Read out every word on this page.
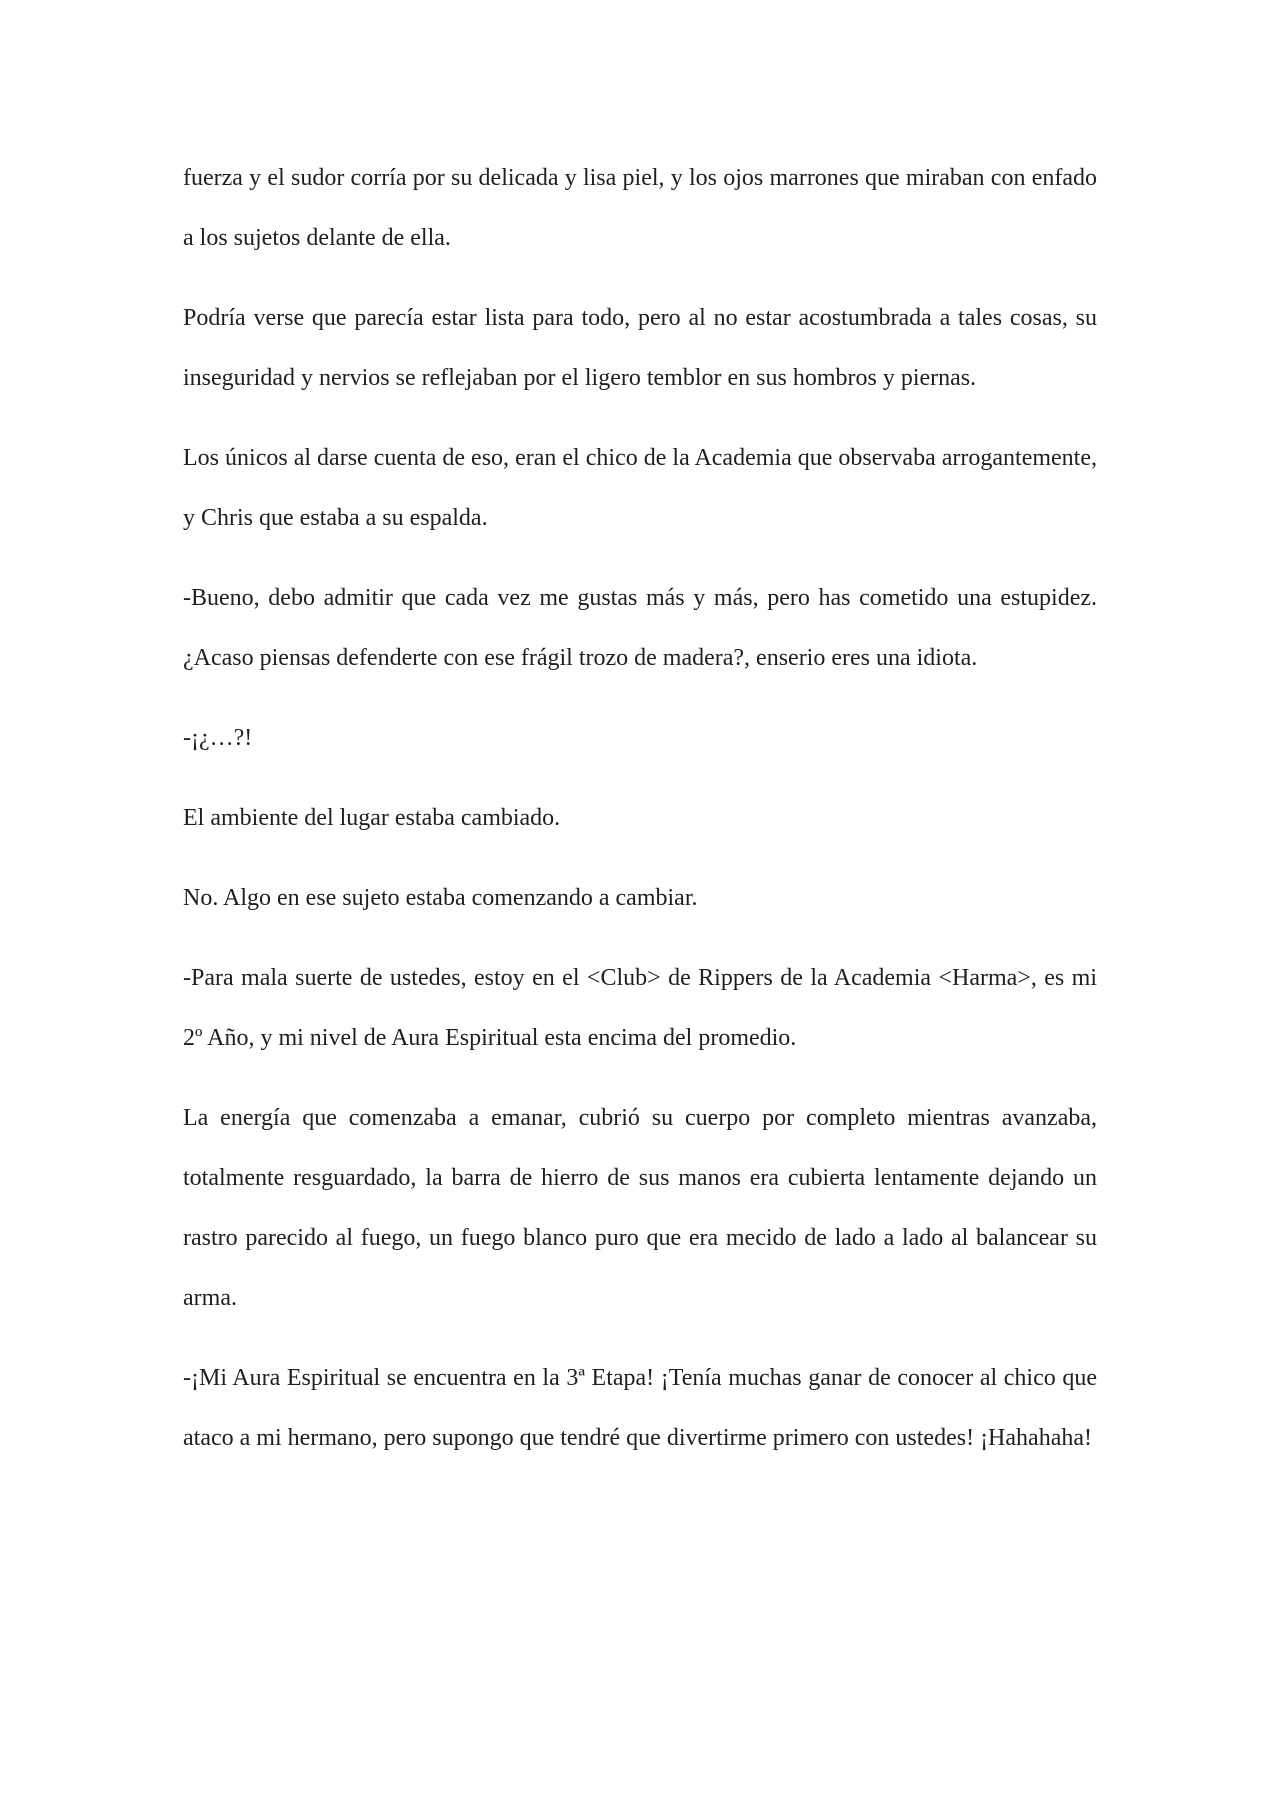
fuerza y el sudor corría por su delicada y lisa piel, y los ojos marrones que miraban con enfado a los sujetos delante de ella.

Podría verse que parecía estar lista para todo, pero al no estar acostumbrada a tales cosas, su inseguridad y nervios se reflejaban por el ligero temblor en sus hombros y piernas.

Los únicos al darse cuenta de eso, eran el chico de la Academia que observaba arrogantemente, y Chris que estaba a su espalda.

-Bueno, debo admitir que cada vez me gustas más y más, pero has cometido una estupidez. ¿Acaso piensas defenderte con ese frágil trozo de madera?, enserio eres una idiota.

-¡¿…?!

El ambiente del lugar estaba cambiado.

No. Algo en ese sujeto estaba comenzando a cambiar.

-Para mala suerte de ustedes, estoy en el <Club> de Rippers de la Academia <Harma>, es mi 2º Año, y mi nivel de Aura Espiritual esta encima del promedio.

La energía que comenzaba a emanar, cubrió su cuerpo por completo mientras avanzaba, totalmente resguardado, la barra de hierro de sus manos era cubierta lentamente dejando un rastro parecido al fuego, un fuego blanco puro que era mecido de lado a lado al balancear su arma.

-¡Mi Aura Espiritual se encuentra en la 3ª Etapa! ¡Tenía muchas ganar de conocer al chico que ataco a mi hermano, pero supongo que tendré que divertirme primero con ustedes! ¡Hahahaha!
